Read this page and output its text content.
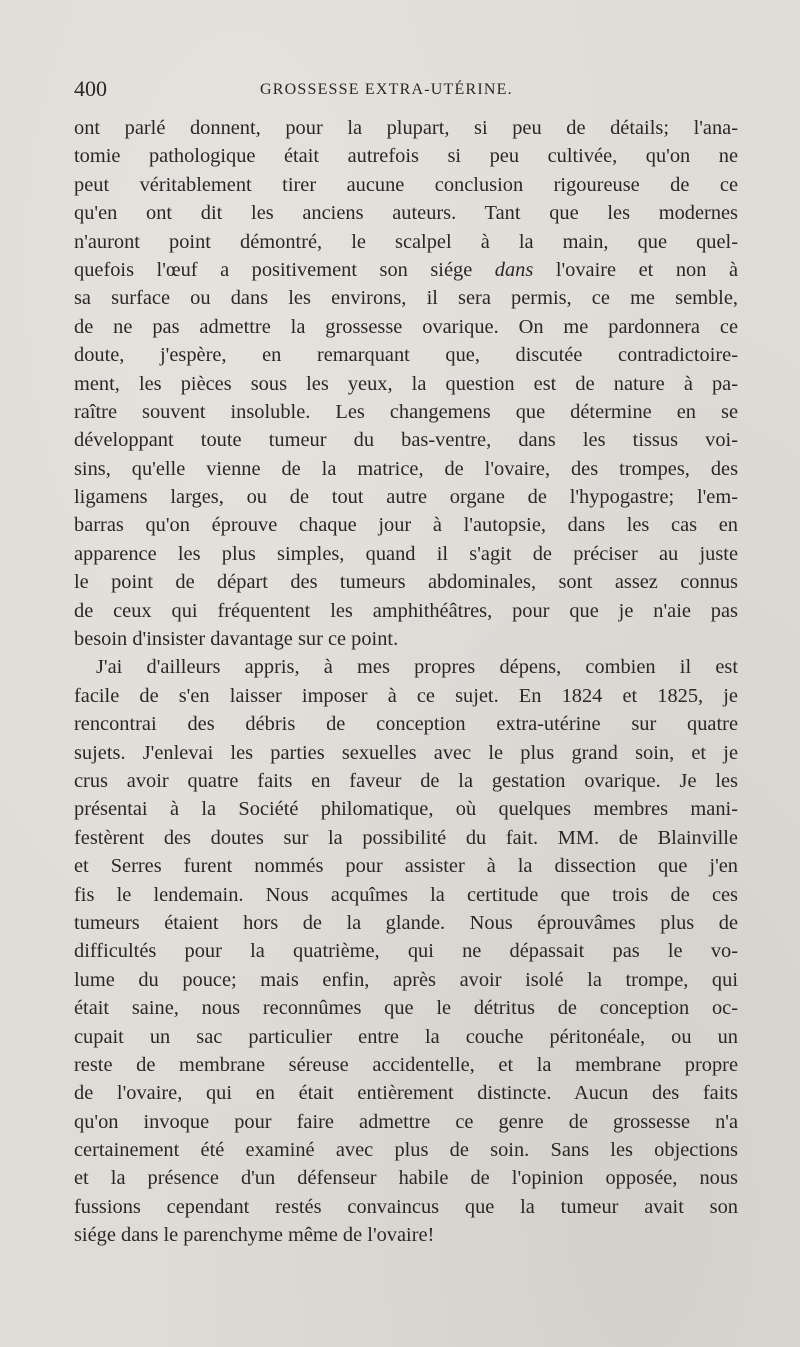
400	GROSSESSE EXTRA-UTÉRINE.
ont parlé donnent, pour la plupart, si peu de détails; l'ana-
tomie pathologique était autrefois si peu cultivée, qu'on ne
peut véritablement tirer aucune conclusion rigoureuse de ce
qu'en ont dit les anciens auteurs. Tant que les modernes
n'auront point démontré, le scalpel à la main, que quel-
quefois l'œuf a positivement son siége dans l'ovaire et non à
sa surface ou dans les environs, il sera permis, ce me semble,
de ne pas admettre la grossesse ovarique. On me pardonnera ce
doute, j'espère, en remarquant que, discutée contradictoire-
ment, les pièces sous les yeux, la question est de nature à pa-
raître souvent insoluble. Les changemens que détermine en se
développant toute tumeur du bas-ventre, dans les tissus voi-
sins, qu'elle vienne de la matrice, de l'ovaire, des trompes, des
ligamens larges, ou de tout autre organe de l'hypogastre; l'em-
barras qu'on éprouve chaque jour à l'autopsie, dans les cas en
apparence les plus simples, quand il s'agit de préciser au juste
le point de départ des tumeurs abdominales, sont assez connus
de ceux qui fréquentent les amphithéâtres, pour que je n'aie pas
besoin d'insister davantage sur ce point.
J'ai d'ailleurs appris, à mes propres dépens, combien il est
facile de s'en laisser imposer à ce sujet. En 1824 et 1825, je
rencontrai des débris de conception extra-utérine sur quatre
sujets. J'enlevai les parties sexuelles avec le plus grand soin, et je
crus avoir quatre faits en faveur de la gestation ovarique. Je les
présentai à la Société philomatique, où quelques membres mani-
festèrent des doutes sur la possibilité du fait. MM. de Blainville
et Serres furent nommés pour assister à la dissection que j'en
fis le lendemain. Nous acquîmes la certitude que trois de ces
tumeurs étaient hors de la glande. Nous éprouvâmes plus de
difficultés pour la quatrième, qui ne dépassait pas le vo-
lume du pouce; mais enfin, après avoir isolé la trompe, qui
était saine, nous reconnûmes que le détritus de conception oc-
cupait un sac particulier entre la couche péritonéale, ou un
reste de membrane séreuse accidentelle, et la membrane propre
de l'ovaire, qui en était entièrement distincte. Aucun des faits
qu'on invoque pour faire admettre ce genre de grossesse n'a
certainement été examiné avec plus de soin. Sans les objections
et la présence d'un défenseur habile de l'opinion opposée, nous
fussions cependant restés convaincus que la tumeur avait son
siége dans le parenchyme même de l'ovaire!
